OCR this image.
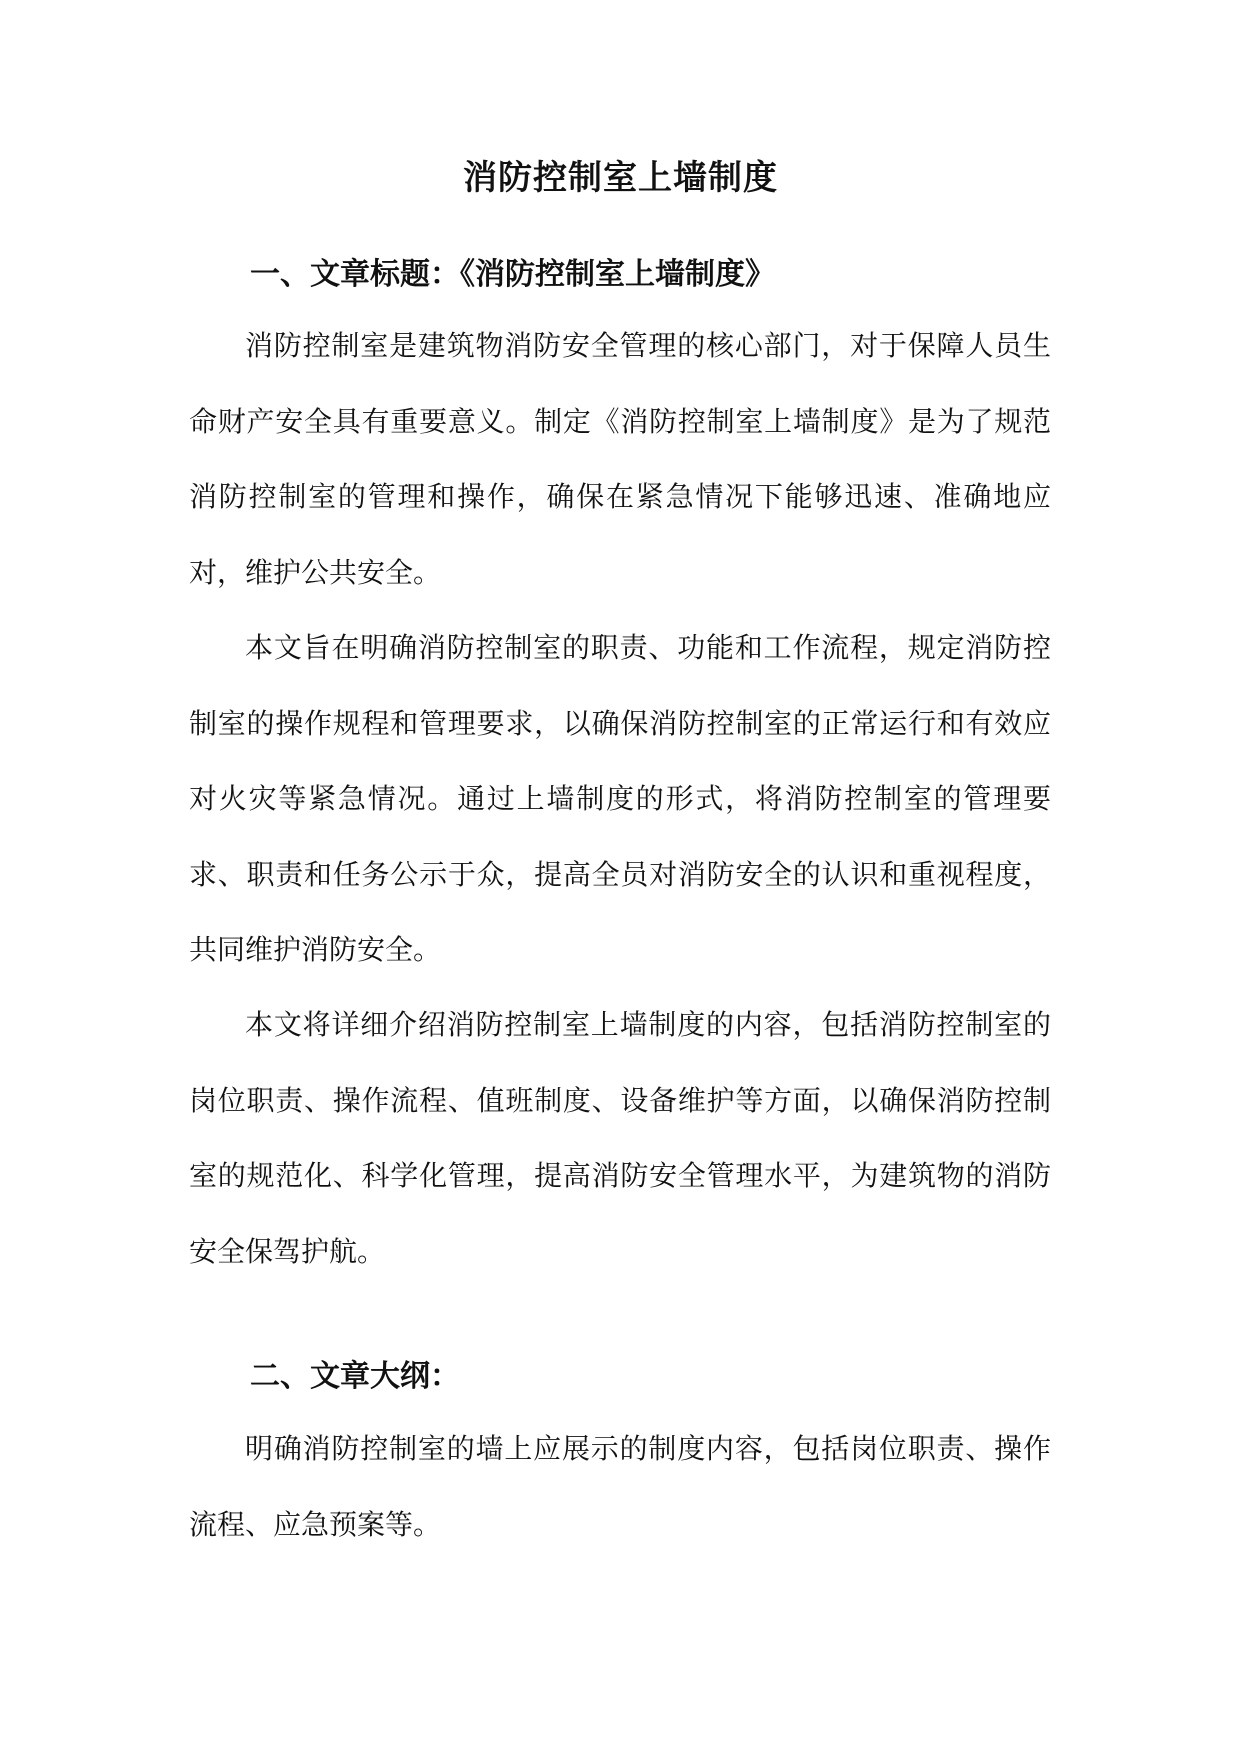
消防控制室上墙制度
一、文章标题：《消防控制室上墙制度》

消防控制室是建筑物消防安全管理的核心部门，对于保障人员生命财产安全具有重要意义。制定《消防控制室上墙制度》是为了规范消防控制室的管理和操作，确保在紧急情况下能够迅速、准确地应对，维护公共安全。

本文旨在明确消防控制室的职责、功能和工作流程，规定消防控制室的操作规程和管理要求，以确保消防控制室的正常运行和有效应对火灾等紧急情况。通过上墙制度的形式，将消防控制室的管理要求、职责和任务公示于众，提高全员对消防安全的认识和重视程度，共同维护消防安全。

本文将详细介绍消防控制室上墙制度的内容，包括消防控制室的岗位职责、操作流程、值班制度、设备维护等方面，以确保消防控制室的规范化、科学化管理，提高消防安全管理水平，为建筑物的消防安全保驾护航。

二、文章大纲：

明确消防控制室的墙上应展示的制度内容，包括岗位职责、操作流程、应急预案等。
